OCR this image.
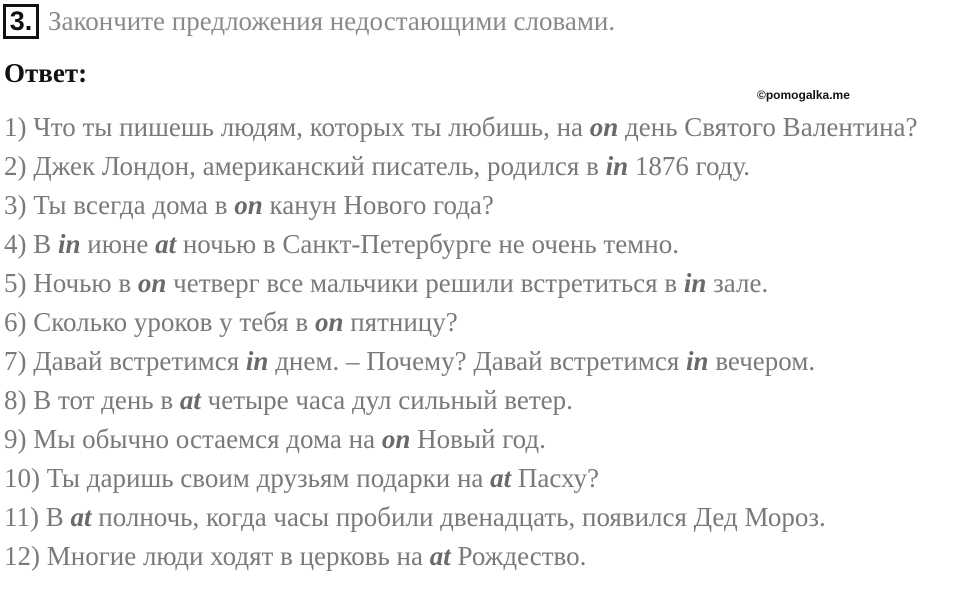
3. Закончите предложения недостающими словами.
Ответ:
©pomogalka.me
1) Что ты пишешь людям, которых ты любишь, на on день Святого Валентина?
2) Джек Лондон, американский писатель, родился в in 1876 году.
3) Ты всегда дома в on канун Нового года?
4) В in июне at ночью в Санкт-Петербурге не очень темно.
5) Ночью в on четверг все мальчики решили встретиться в in зале.
6) Сколько уроков у тебя в on пятницу?
7) Давай встретимся in днем. – Почему? Давай встретимся in вечером.
8) В тот день в at четыре часа дул сильный ветер.
9) Мы обычно остаемся дома на on Новый год.
10) Ты даришь своим друзьям подарки на at Пасху?
11) В at полночь, когда часы пробили двенадцать, появился Дед Мороз.
12) Многие люди ходят в церковь на at Рождество.
